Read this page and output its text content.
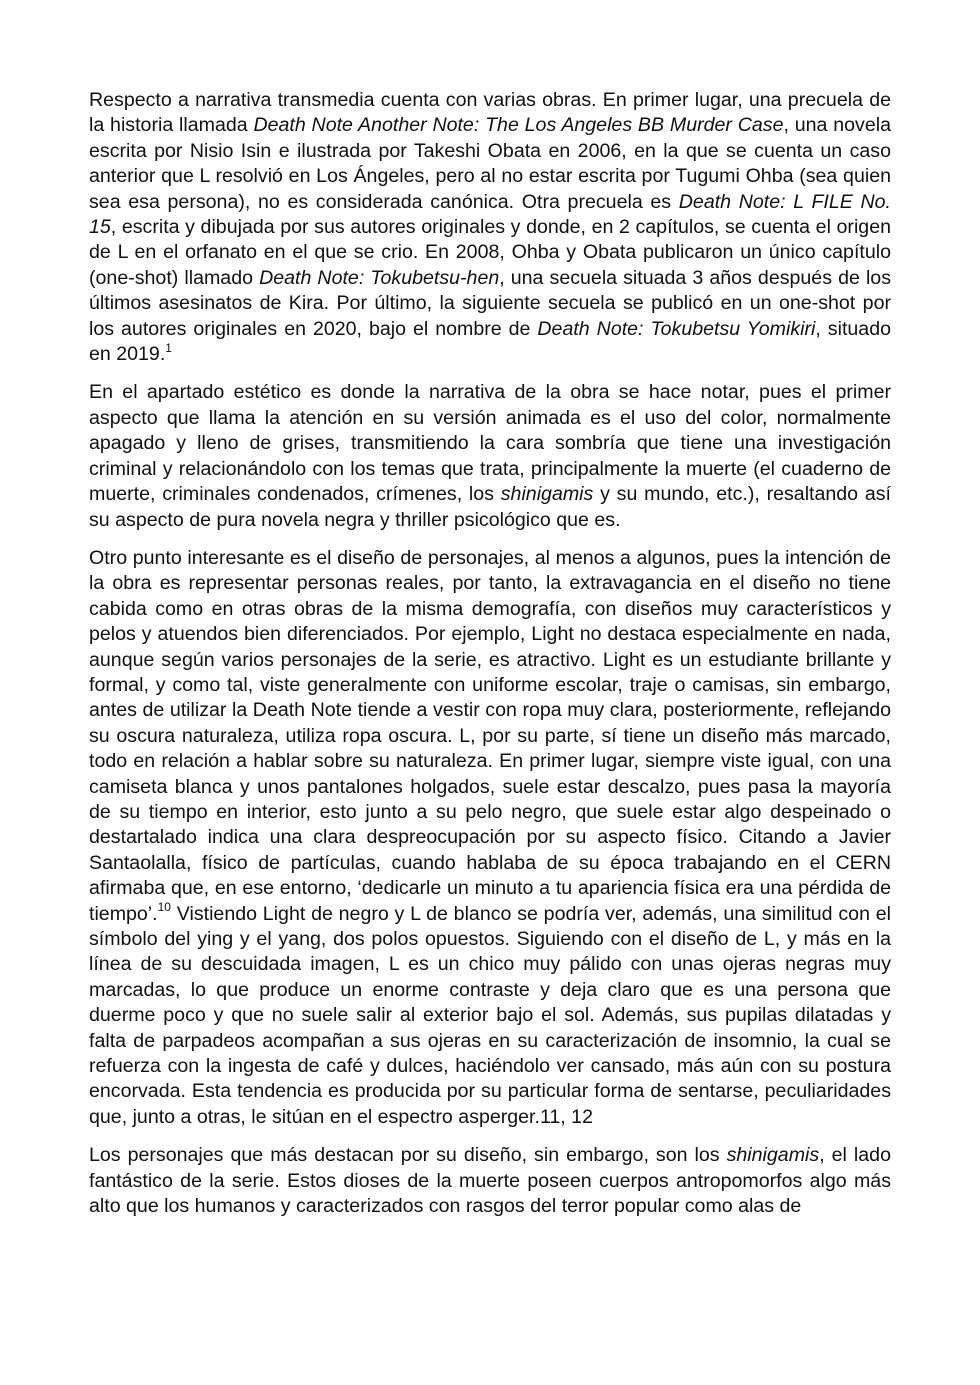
Respecto a narrativa transmedia cuenta con varias obras. En primer lugar, una precuela de la historia llamada Death Note Another Note: The Los Angeles BB Murder Case, una novela escrita por Nisio Isin e ilustrada por Takeshi Obata en 2006, en la que se cuenta un caso anterior que L resolvió en Los Ángeles, pero al no estar escrita por Tugumi Ohba (sea quien sea esa persona), no es considerada canónica. Otra precuela es Death Note: L FILE No. 15, escrita y dibujada por sus autores originales y donde, en 2 capítulos, se cuenta el origen de L en el orfanato en el que se crio. En 2008, Ohba y Obata publicaron un único capítulo (one-shot) llamado Death Note: Tokubetsu-hen, una secuela situada 3 años después de los últimos asesinatos de Kira. Por último, la siguiente secuela se publicó en un one-shot por los autores originales en 2020, bajo el nombre de Death Note: Tokubetsu Yomikiri, situado en 2019.$^1$

En el apartado estético es donde la narrativa de la obra se hace notar, pues el primer aspecto que llama la atención en su versión animada es el uso del color, normalmente apagado y lleno de grises, transmitiendo la cara sombría que tiene una investigación criminal y relacionándolo con los temas que trata, principalmente la muerte (el cuaderno de muerte, criminales condenados, crímenes, los shinigamis y su mundo, etc.), resaltando así su aspecto de pura novela negra y thriller psicológico que es.

Otro punto interesante es el diseño de personajes, al menos a algunos, pues la intención de la obra es representar personas reales, por tanto, la extravagancia en el diseño no tiene cabida como en otras obras de la misma demografía, con diseños muy característicos y pelos y atuendos bien diferenciados. Por ejemplo, Light no destaca especialmente en nada, aunque según varios personajes de la serie, es atractivo. Light es un estudiante brillante y formal, y como tal, viste generalmente con uniforme escolar, traje o camisas, sin embargo, antes de utilizar la Death Note tiende a vestir con ropa muy clara, posteriormente, reflejando su oscura naturaleza, utiliza ropa oscura. L, por su parte, sí tiene un diseño más marcado, todo en relación a hablar sobre su naturaleza. En primer lugar, siempre viste igual, con una camiseta blanca y unos pantalones holgados, suele estar descalzo, pues pasa la mayoría de su tiempo en interior, esto junto a su pelo negro, que suele estar algo despeinado o destartalado indica una clara despreocupación por su aspecto físico. Citando a Javier Santaolalla, físico de partículas, cuando hablaba de su época trabajando en el CERN afirmaba que, en ese entorno, ‘dedicarle un minuto a tu apariencia física era una pérdida de tiempo’.$^{10}$ Vistiendo Light de negro y L de blanco se podría ver, además, una similitud con el símbolo del ying y el yang, dos polos opuestos. Siguiendo con el diseño de L, y más en la línea de su descuidada imagen, L es un chico muy pálido con unas ojeras negras muy marcadas, lo que produce un enorme contraste y deja claro que es una persona que duerme poco y que no suele salir al exterior bajo el sol. Además, sus pupilas dilatadas y falta de parpadeos acompañan a sus ojeras en su caracterización de insomnio, la cual se refuerza con la ingesta de café y dulces, haciéndolo ver cansado, más aún con su postura encorvada. Esta tendencia es producida por su particular forma de sentarse, peculiaridades que, junto a otras, le sitúan en el espectro asperger.11, 12

Los personajes que más destacan por su diseño, sin embargo, son los shinigamis, el lado fantástico de la serie. Estos dioses de la muerte poseen cuerpos antropomorfos algo más alto que los humanos y caracterizados con rasgos del terror popular como alas de
